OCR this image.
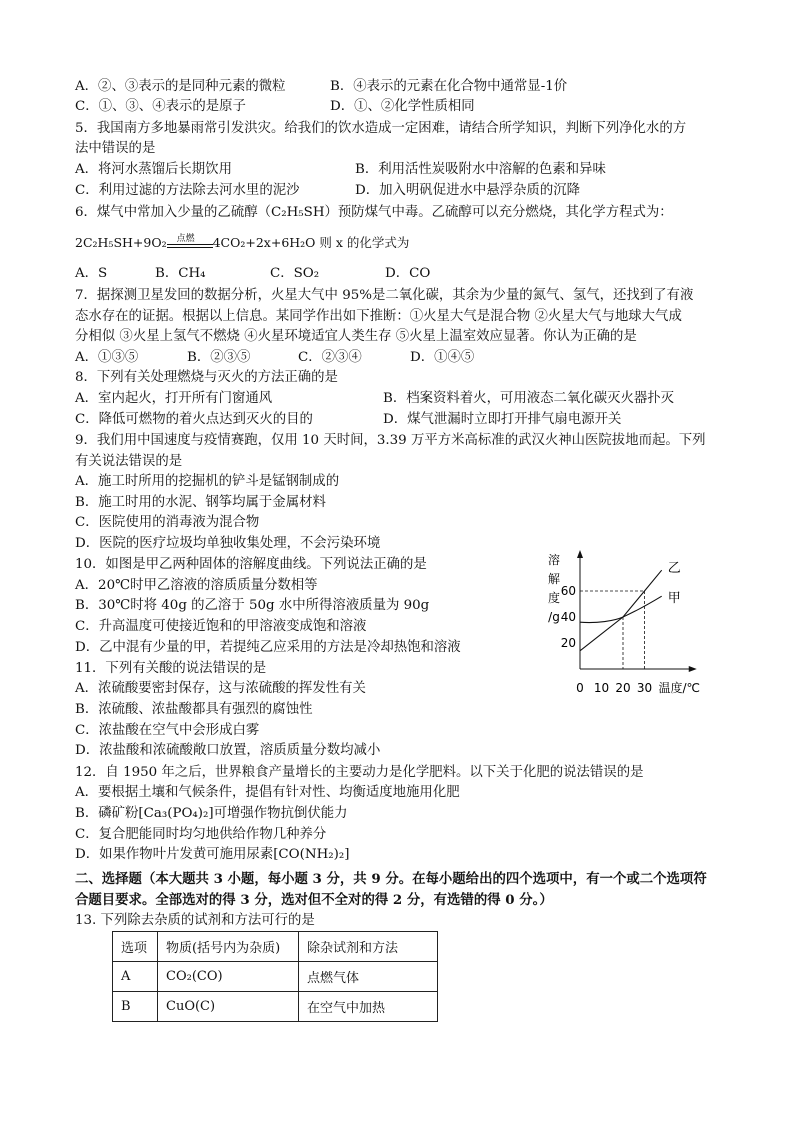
A．②、③表示的是同种元素的微粒	B．④表示的元素在化合物中通常显-1价
C．①、③、④表示的是原子	D．①、②化学性质相同
5．我国南方多地暴雨常引发洪灾。给我们的饮水造成一定困难，请结合所学知识，判断下列净化水的方
法中错误的是
A．将河水蒸馏后长期饮用	B．利用活性炭吸附水中溶解的色素和异味
C．利用过滤的方法除去河水里的泥沙	D．加入明矾促进水中悬浮杂质的沉降
6．煤气中常加入少量的乙硫醇（C₂H₅SH）预防煤气中毒。乙硫醇可以充分燃烧，其化学方程式为：
2C₂H₅SH+9O₂ 点燃 4CO₂+2x+6H₂O 则 x 的化学式为
A．S	B．CH₄	C．SO₂	D．CO
7．据探测卫星发回的数据分析，火星大气中 95%是二氧化碳，其余为少量的氮气、氢气，还找到了有液
态水存在的证据。根据以上信息。某同学作出如下推断：①火星大气是混合物 ②火星大气与地球大气成
分相似 ③火星上氢气不燃烧 ④火星环境适宜人类生存 ⑤火星上温室效应显著。你认为正确的是
A．①③⑤	B．②③⑤	C．②③④	D．①④⑤
8．下列有关处理燃烧与灭火的方法正确的是
A．室内起火，打开所有门窗通风	B．档案资料着火，可用液态二氧化碳灭火器扑灭
C．降低可燃物的着火点达到灭火的目的	D．煤气泄漏时立即打开排气扇电源开关
9．我们用中国速度与疫情赛跑，仅用 10 天时间，3.39 万平方米高标准的武汉火神山医院拔地而起。下列
有关说法错误的是
A．施工时所用的挖掘机的铲斗是锰钢制成的
B．施工时用的水泥、钢筝均属于金属材料
C．医院使用的消毒液为混合物
D．医院的医疗垃圾均单独收集处理，不会污染环境
10．如图是甲乙两种固体的溶解度曲线。下列说法正确的是
A．20℃时甲乙溶液的溶质质量分数相等
B．30℃时将 40g 的乙溶于 50g 水中所得溶液质量为 90g
C．升高温度可使接近饱和的甲溶液变成饱和溶液
D．乙中混有少量的甲，若提纯乙应采用的方法是冷却热饱和溶液
溶
解
度
/g
20
40
60
0 10 20 30 温度/℃
乙
甲
11．下列有关酸的说法错误的是
A．浓硫酸要密封保存，这与浓硫酸的挥发性有关
B．浓硫酸、浓盐酸都具有强烈的腐蚀性
C．浓盐酸在空气中会形成白雾
D．浓盐酸和浓硫酸敞口放置，溶质质量分数均减小
12．自 1950 年之后，世界粮食产量增长的主要动力是化学肥料。以下关于化肥的说法错误的是
A．要根据土壤和气候条件，提倡有针对性、均衡适度地施用化肥
B．磷矿粉[Ca₃(PO₄)₂]可增强作物抗倒伏能力
C．复合肥能同时均匀地供给作物几种养分
D．如果作物叶片发黄可施用尿素[CO(NH₂)₂]
二、选择题（本大题共 3 小题，每小题 3 分，共 9 分。在每小题给出的四个选项中，有一个或二个选项符
合题目要求。全部选对的得 3 分，选对但不全对的得 2 分，有选错的得 0 分。）
13. 下列除去杂质的试剂和方法可行的是
选项	物质(括号内为杂质)	除杂试剂和方法
A	CO₂(CO)	点燃气体
B	CuO(C)	在空气中加热
